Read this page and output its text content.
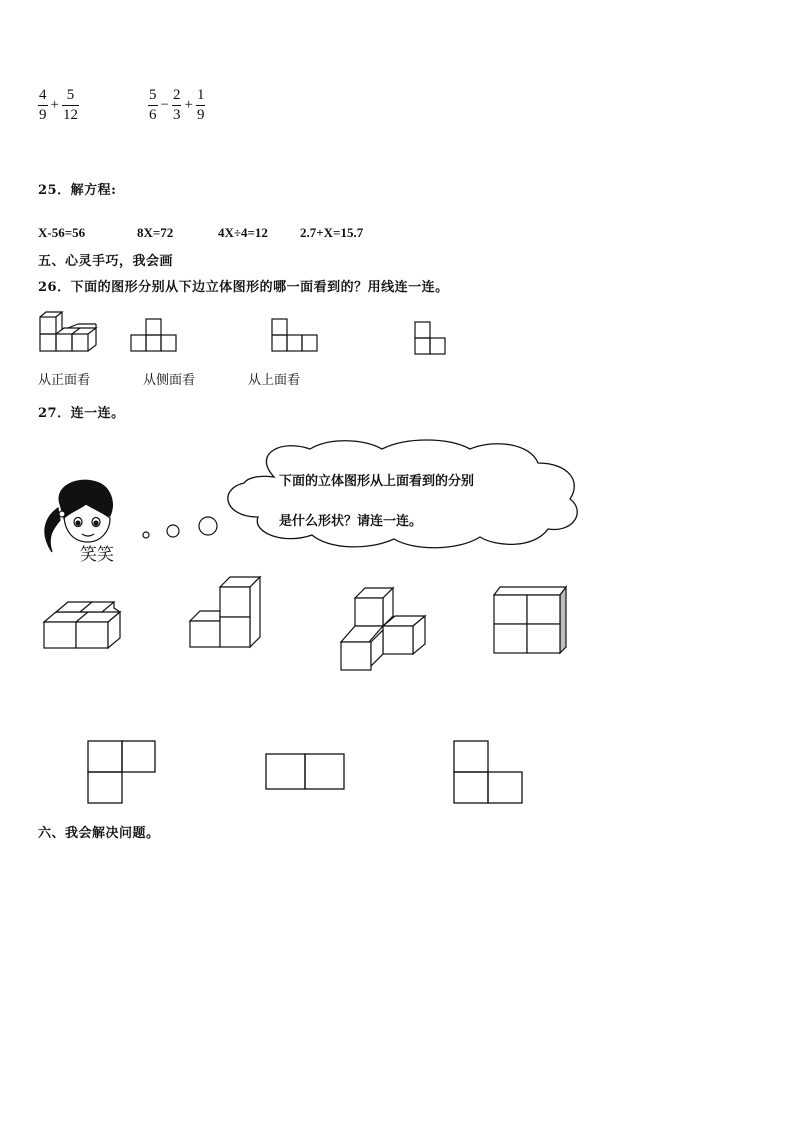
$\frac{4}{9} + \frac{5}{12}$	$\frac{5}{6} - \frac{2}{3} + \frac{1}{9}$
25．解方程:
X-56=56	8X=72	4X÷4=12 2.7+X=15.7
五、心灵手巧，我会画
26．下面的图形分别从下边立体图形的哪一面看到的？用线连一连。
从正面看	从侧面看	从上面看
27．连一连。
笑笑
下面的立体图形从上面看到的分别
是什么形状？请连一连。
六、我会解决问题。
